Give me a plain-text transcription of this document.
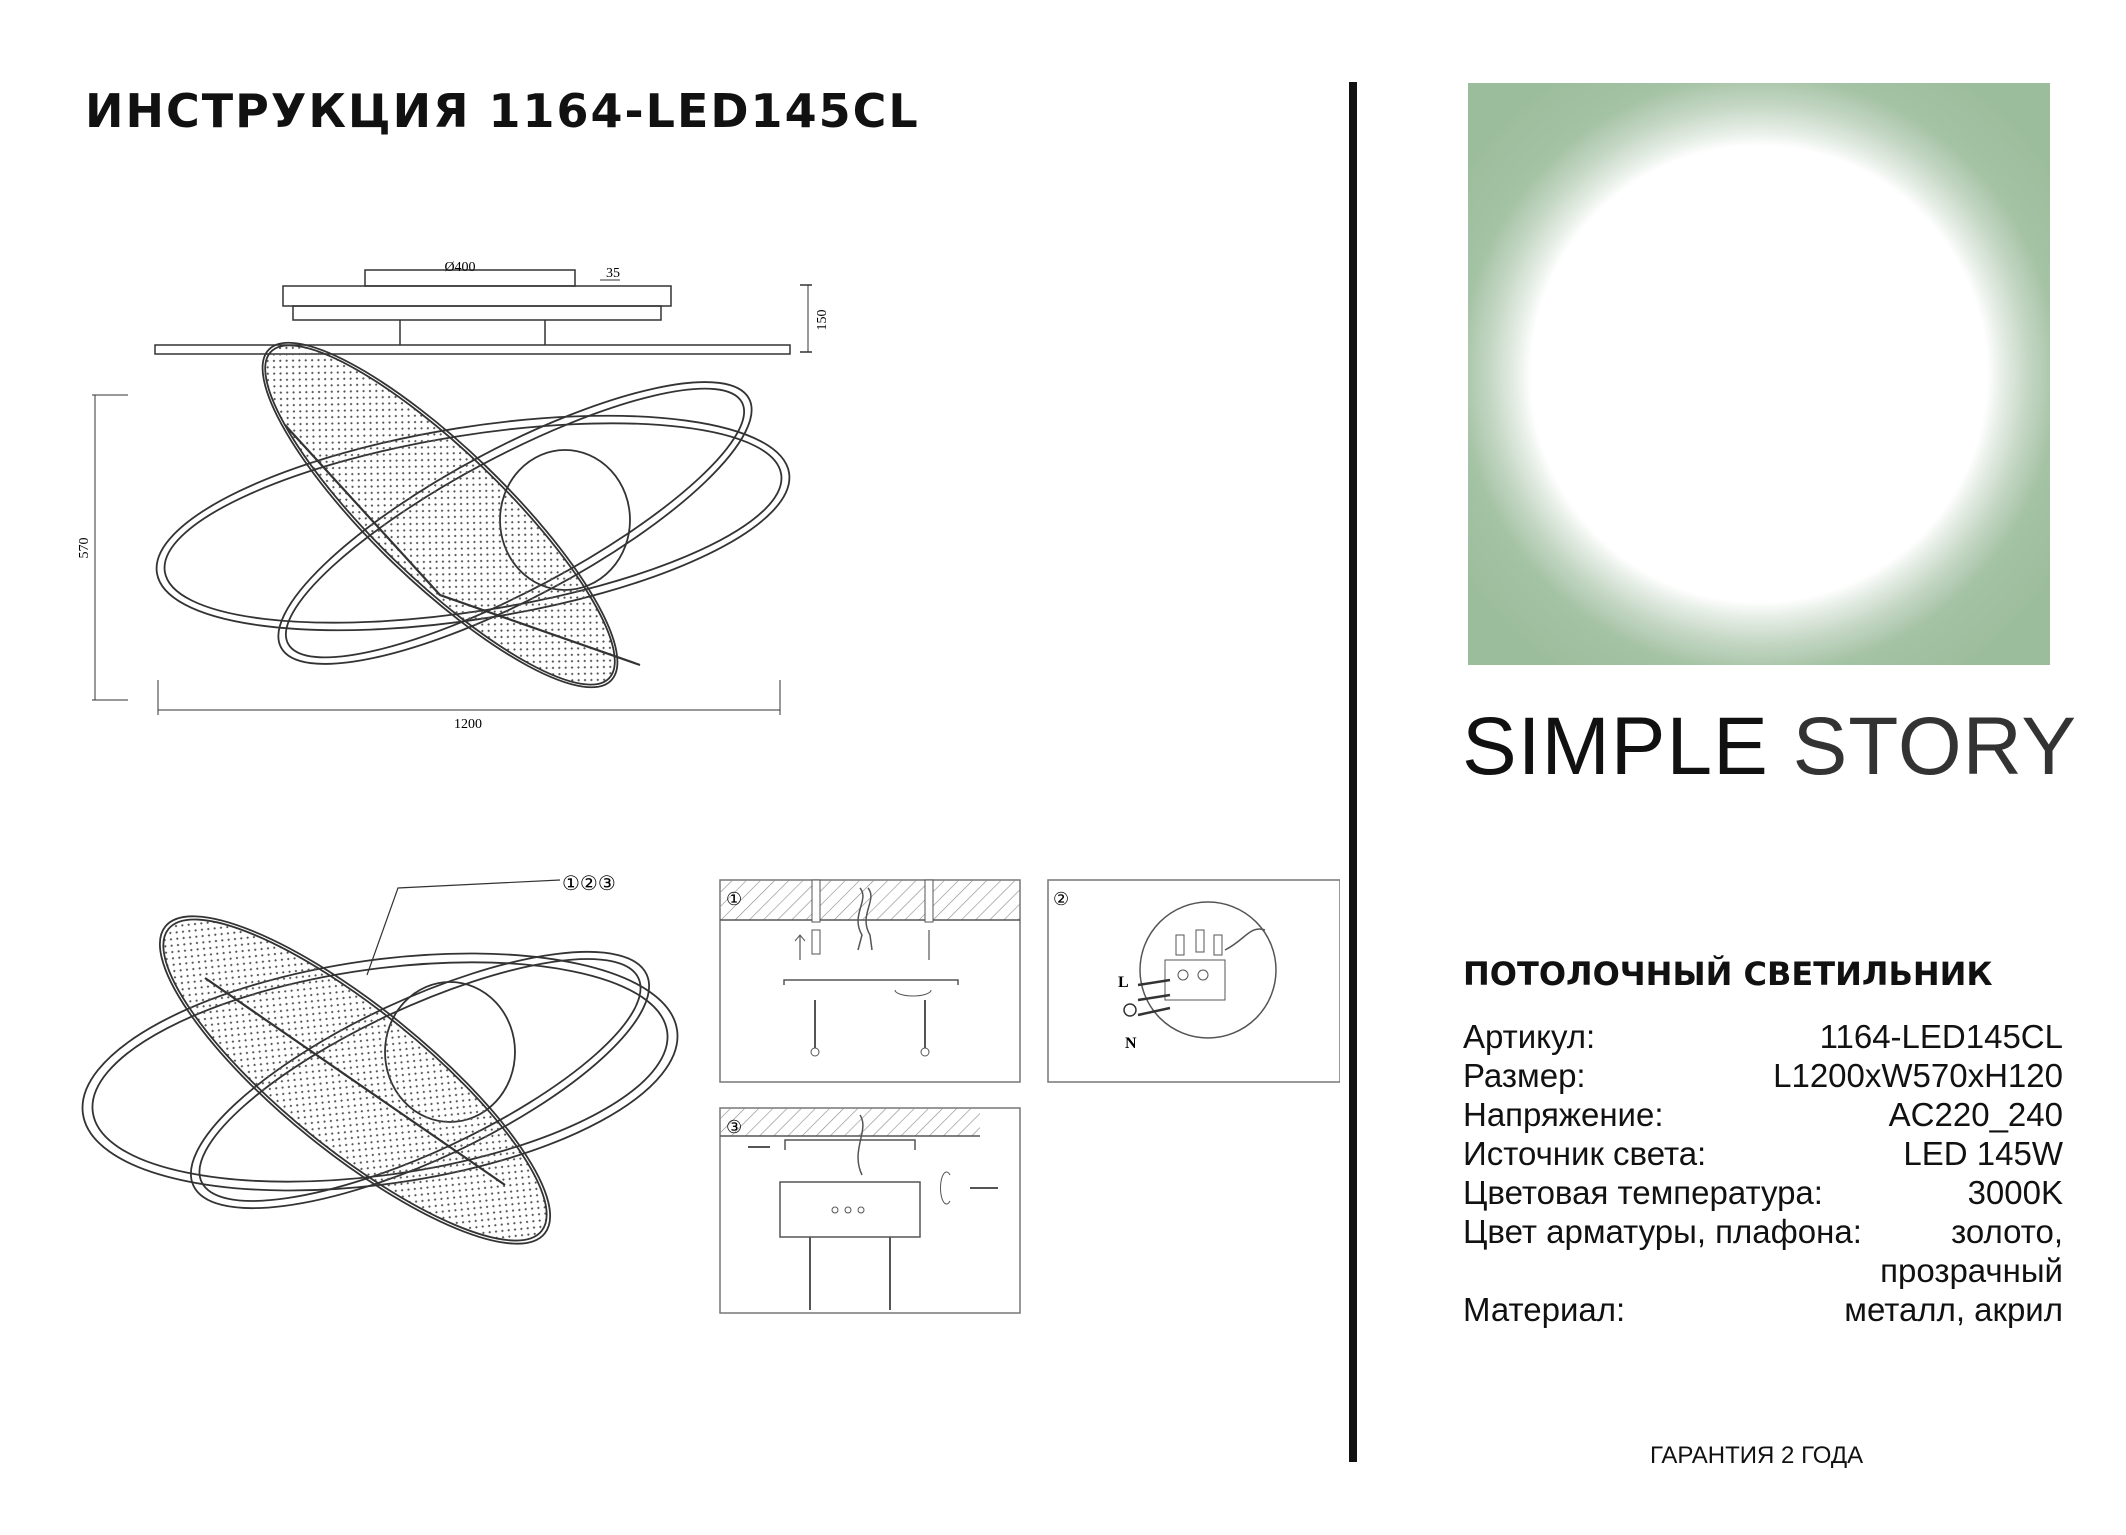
ИНСТРУКЦИЯ 1164-LED145CL
SIMPLE STORY
ПОТОЛОЧНЫЙ СВЕТИЛЬНИК
Артикул:	1164-LED145CL
Размер:	L1200xW570xH120
Напряжение:	AC220_240
Источник света:	LED 145W
Цветовая температура:	3000K
Цвет арматуры, плафона:	золото,
прозрачный
Материал:	металл, акрил
ГАРАНТИЯ 2 ГОДА
Ø400	35
150
570
1200
①②③
①	②
L
N
③
